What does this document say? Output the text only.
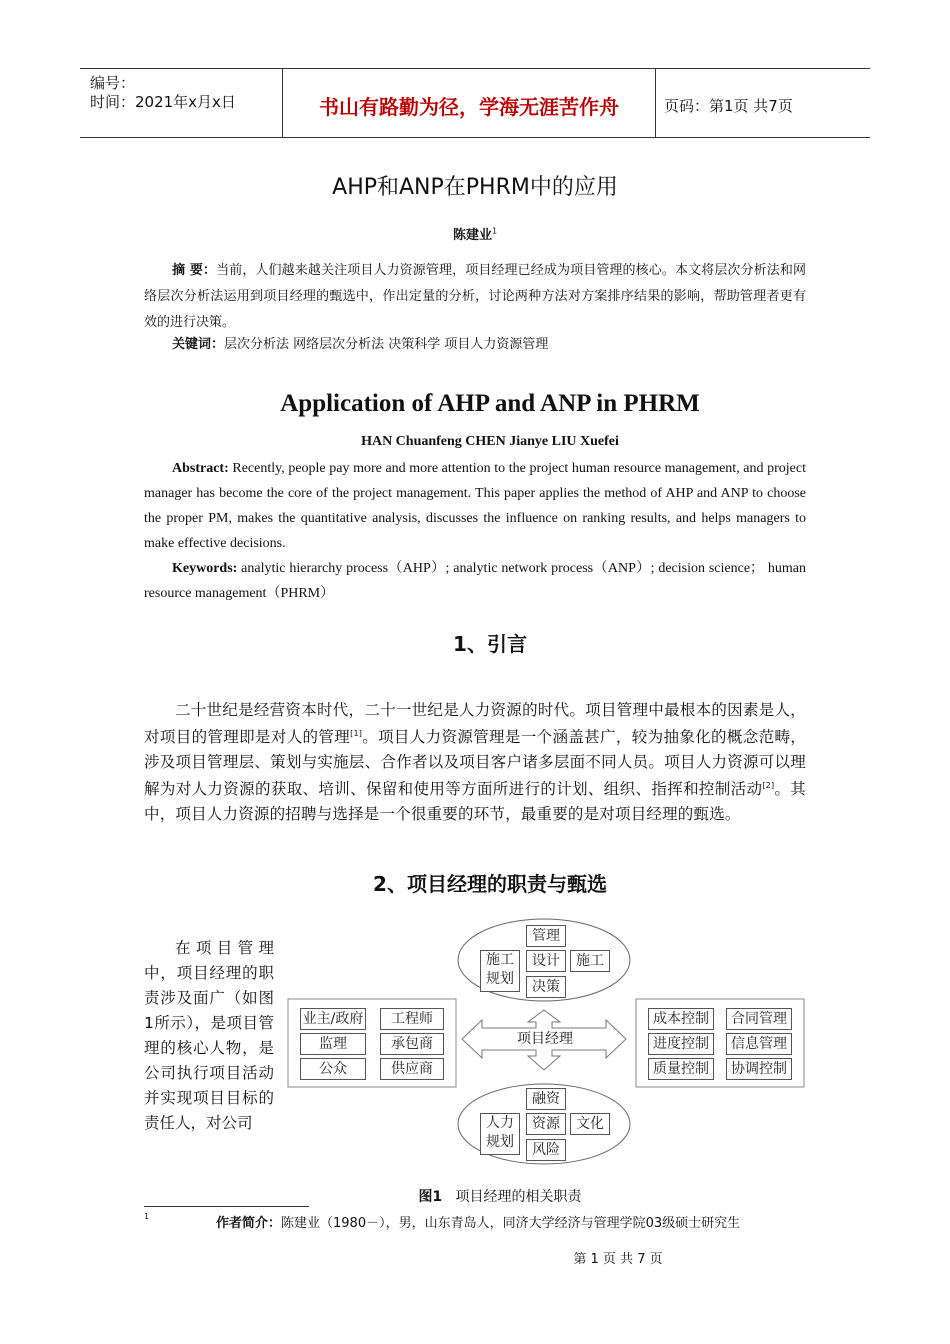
编号：
时间：2021年x月x日	书山有路勤为径，学海无涯苦作舟	页码：第1页 共7页
AHP和ANP在PHRM中的应用
陈建业$^1$
摘 要：当前，人们越来越关注项目人力资源管理，项目经理已经成为项目管理的核心。本文将层次分析法和网络层次分析法运用到项目经理的甄选中，作出定量的分析，讨论两种方法对方案排序结果的影响，帮助管理者更有效的进行决策。
关键词：层次分析法 网络层次分析法 决策科学 项目人力资源管理
Application of AHP and ANP in PHRM
HAN Chuanfeng CHEN Jianye LIU Xuefei
Abstract: Recently, people pay more and more attention to the project human resource management, and project manager has become the core of the project management. This paper applies the method of AHP and ANP to choose the proper PM, makes the quantitative analysis, discusses the influence on ranking results, and helps managers to make effective decisions.
Keywords: analytic hierarchy process（AHP）; analytic network process（ANP）; decision science； human resource management（PHRM）
1、引言
二十世纪是经营资本时代，二十一世纪是人力资源的时代。项目管理中最根本的因素是人，对项目的管理即是对人的管理[1]。项目人力资源管理是一个涵盖甚广，较为抽象化的概念范畴，涉及项目管理层、策划与实施层、合作者以及项目客户诸多层面不同人员。项目人力资源可以理解为对人力资源的获取、培训、保留和使用等方面所进行的计划、组织、指挥和控制活动[2]。其中，项目人力资源的招聘与选择是一个很重要的环节，最重要的是对项目经理的甄选。
2、项目经理的职责与甄选
在项目管理中，项目经理的职责涉及面广（如图1所示），是项目管理的核心人物，是公司执行项目活动并实现项目目标的责任人，对公司
项目经理
管理
施工规划
设计	施工
决策
融资
人力规划
资源	文化
风险
业主/政府	工程师
监理	承包商
公众	供应商
成本控制	合同管理
进度控制	信息管理
质量控制	协调控制
图1 项目经理的相关职责
1	作者简介：陈建业（1980－），男，山东青岛人，同济大学经济与管理学院03级硕士研究生
第 1 页 共 7 页
